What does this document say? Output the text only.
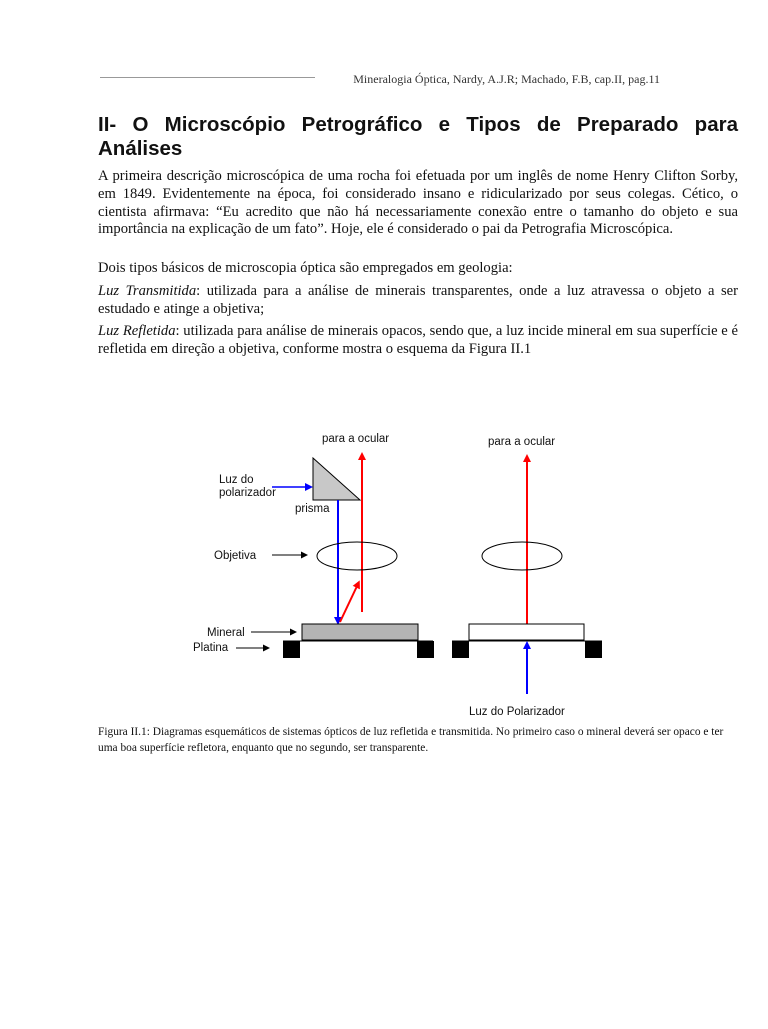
Mineralogia Óptica, Nardy, A.J.R; Machado, F.B, cap.II, pag.11
II- O Microscópio Petrográfico e Tipos de Preparado para Análises

A primeira descrição microscópica de uma rocha foi efetuada por um inglês de nome Henry Clifton Sorby, em 1849. Evidentemente na época, foi considerado insano e ridicularizado por seus colegas. Cético, o cientista afirmava: “Eu acredito que não há necessariamente conexão entre o tamanho do objeto e sua importância na explicação de um fato”. Hoje, ele é considerado o pai da Petrografia Microscópica.

Dois tipos básicos de microscopia óptica são empregados em geologia:

Luz Transmitida: utilizada para a análise de minerais transparentes, onde a luz atravessa o objeto a ser estudado e atinge a objetiva;

Luz Refletida: utilizada para análise de minerais opacos, sendo que, a luz incide mineral em sua superfície e é refletida em direção a objetiva, conforme mostra o esquema da Figura II.1

para a ocular
Luz do
polarizador
prisma
Objetiva
Mineral
Platina
para a ocular
Luz do Polarizador

Figura II.1: Diagramas esquemáticos de sistemas ópticos de luz refletida e transmitida. No primeiro caso o mineral deverá ser opaco e ter uma boa superfície refletora, enquanto que no segundo, ser transparente.
